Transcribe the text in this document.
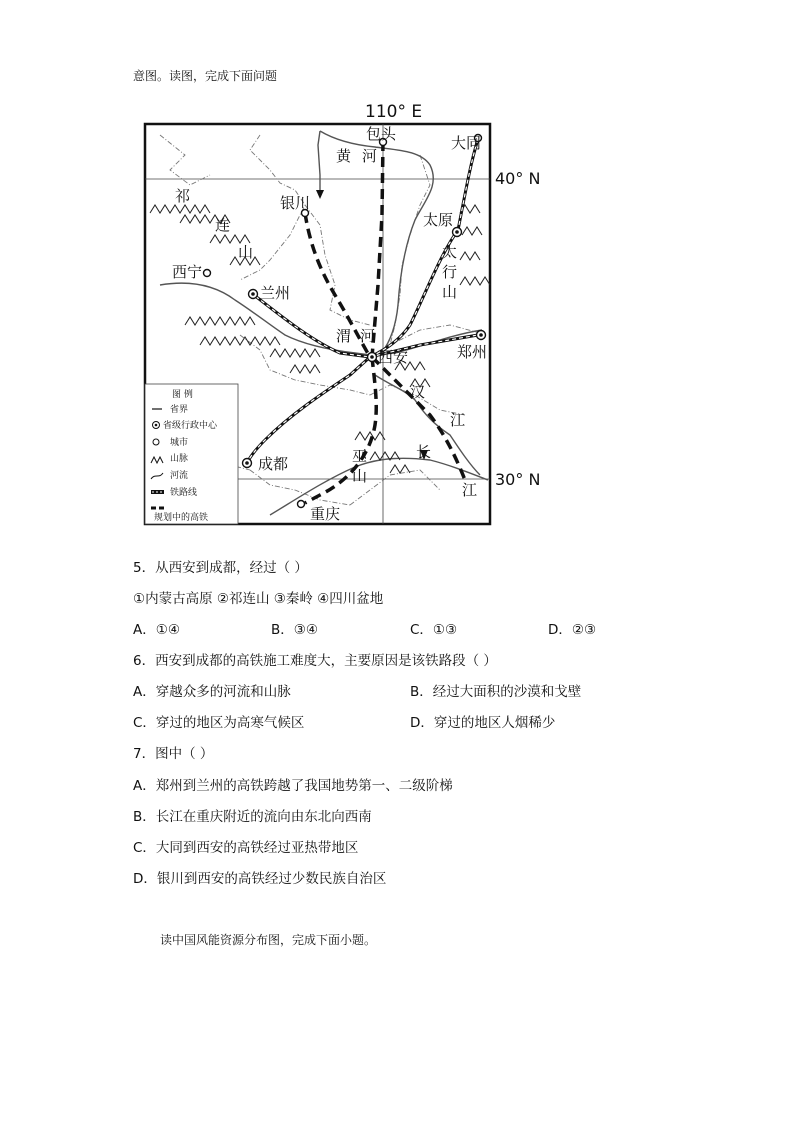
意图。读图，完成下面问题
110° E
40° N
30° N
包头	大同
银川
太原
西宁
兰州
西安	郑州
成都
重庆
黄 河
渭 河
汉
江
长
江
祁
连
山	太
行
山
巫
山
图 例
省界
省级行政中心
城市
山脉
河流
铁路线
规划中的高铁
5．从西安到成都，经过（ ）
①内蒙古高原 ②祁连山 ③秦岭 ④四川盆地
A．①④	B．③④	C．①③	D．②③
6．西安到成都的高铁施工难度大，主要原因是该铁路段（ ）
A．穿越众多的河流和山脉	B．经过大面积的沙漠和戈壁
C．穿过的地区为高寒气候区	D．穿过的地区人烟稀少
7．图中（ ）
A．郑州到兰州的高铁跨越了我国地势第一、二级阶梯
B．长江在重庆附近的流向由东北向西南
C．大同到西安的高铁经过亚热带地区
D．银川到西安的高铁经过少数民族自治区
读中国风能资源分布图，完成下面小题。
